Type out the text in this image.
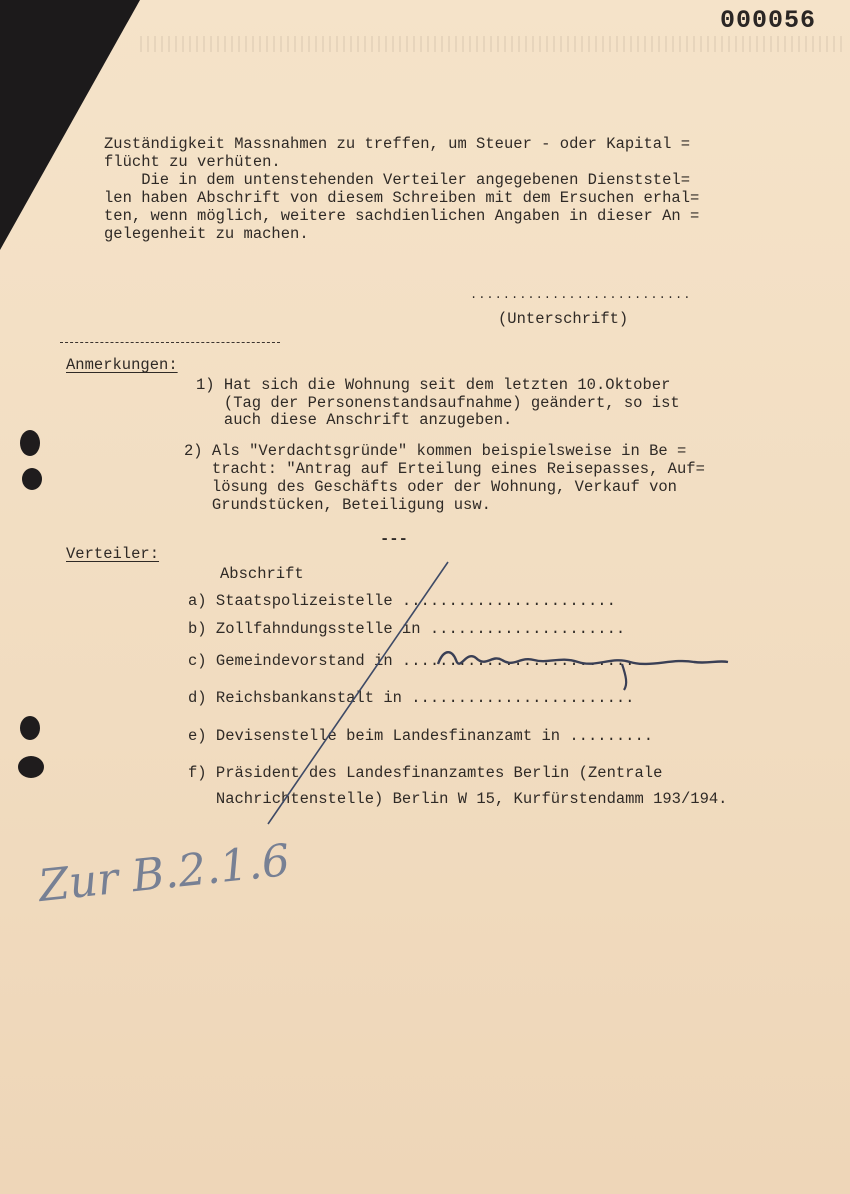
000056
Zuständigkeit Massnahmen zu treffen, um Steuer - oder Kapital =
flücht zu verhüten.
Die in dem untenstehenden Verteiler angegebenen Dienststel=
len haben Abschrift von diesem Schreiben mit dem Ersuchen erhal=
ten, wenn möglich, weitere sachdienlichen Angaben in dieser An =
gelegenheit zu machen.
...........................
(Unterschrift)
Anmerkungen:
1) Hat sich die Wohnung seit dem letzten 10.Oktober
(Tag der Personenstandsaufnahme) geändert, so ist
auch diese Anschrift anzugeben.
2) Als "Verdachtsgründe" kommen beispielsweise in Be =
tracht: "Antrag auf Erteilung eines Reisepasses, Auf=
lösung des Geschäfts oder der Wohnung, Verkauf von
Grundstücken, Beteiligung usw.
---
Verteiler:
Abschrift
a) Staatspolizeistelle .......................
b) Zollfahndungsstelle in .....................
c) Gemeindevorstand in .........................
d) Reichsbankanstalt in ........................
e) Devisenstelle beim Landesfinanzamt in .........
f) Präsident des Landesfinanzamtes Berlin (Zentrale
Nachrichtenstelle) Berlin W 15, Kurfürstendamm 193/194.
Zur B.2.1.6
